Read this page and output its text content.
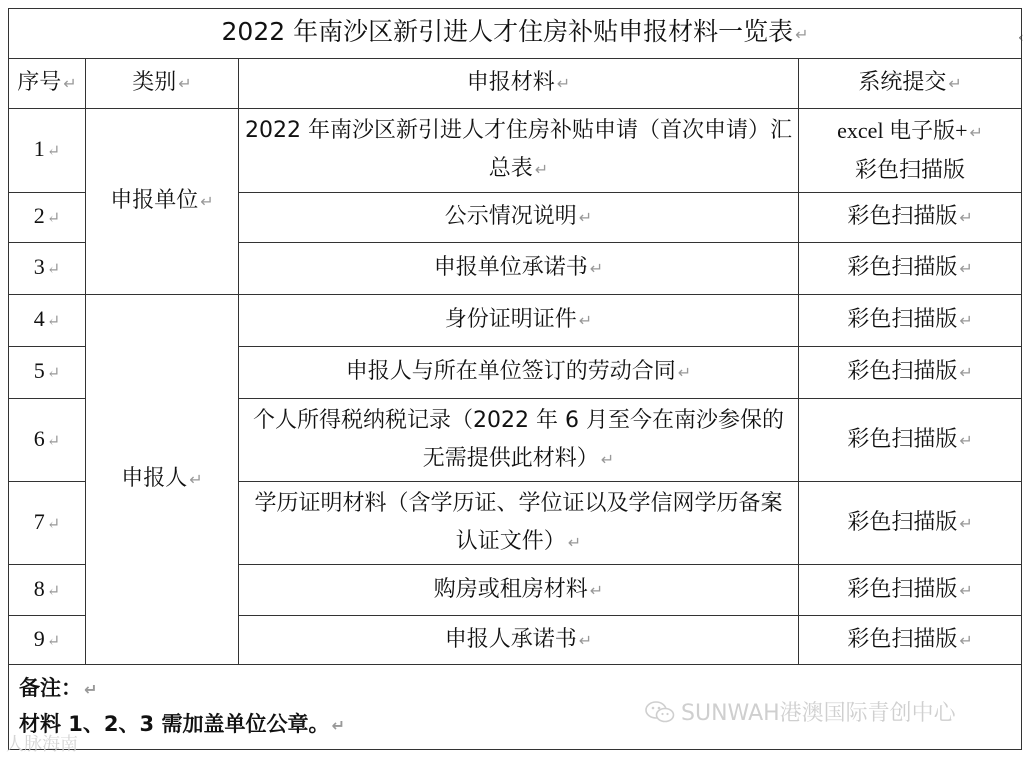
‹
2022 年南沙区新引进人才住房补贴申报材料一览表 ↵			
序号 ↵	类别 ↵	申报材料 ↵	系统提交 ↵
1 ↵	申报单位 ↵	2022 年南沙区新引进人才住房补贴申请（首次申请）汇总表 ↵	excel 电子版+ ↵
彩色扫描版
2 ↵		公示情况说明 ↵	彩色扫描版 ↵
3 ↵		申报单位承诺书 ↵	彩色扫描版 ↵
4 ↵	申报人 ↵	身份证明证件 ↵	彩色扫描版 ↵
5 ↵		申报人与所在单位签订的劳动合同 ↵	彩色扫描版 ↵
6 ↵		个人所得税纳税记录（2022 年 6 月至今在南沙参保的无需提供此材料） ↵	彩色扫描版 ↵
7 ↵		学历证明材料（含学历证、学位证以及学信网学历备案认证文件） ↵	彩色扫描版 ↵
8 ↵		购房或租房材料 ↵	彩色扫描版 ↵
9 ↵		申报人承诺书 ↵	彩色扫描版 ↵

备注： ↵
材料 1、2、3 需加盖单位公章。 ↵				SUNWAH港澳国际青创中心
人脉海南
